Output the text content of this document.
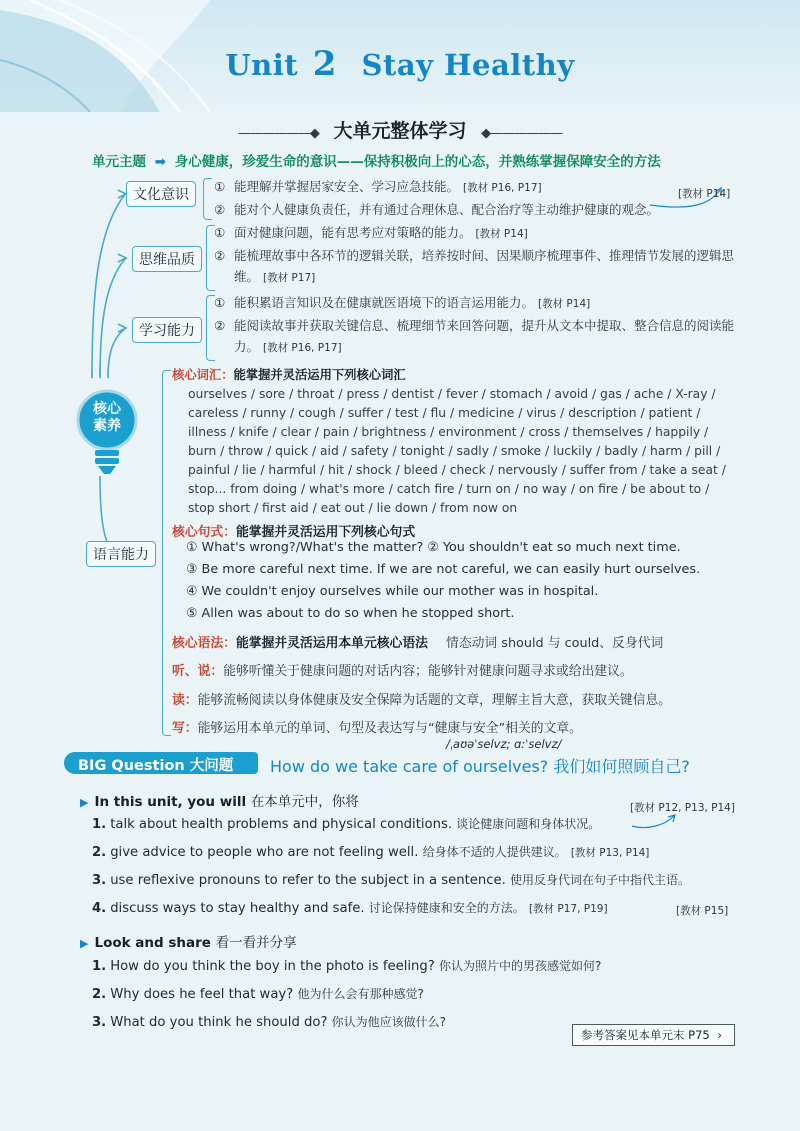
Unit 2 Stay Healthy
——————◆ 大单元整体学习 ◆——————
单元主题 ➡ 身心健康，珍爱生命的意识——保持积极向上的心态，并熟练掌握保障安全的方法
核心
素养
文化意识
① 能理解并掌握居家安全、学习应急技能。 [教材 P16, P17]
② 能对个人健康负责任，并有通过合理休息、配合治疗等主动维护健康的观念。
[教材 P14]
思维品质
① 面对健康问题，能有思考应对策略的能力。 [教材 P14]
② 能梳理故事中各环节的逻辑关联，培养按时间、因果顺序梳理事件、推理情节发展的逻辑思维。 [教材 P17]
学习能力
① 能积累语言知识及在健康就医语境下的语言运用能力。 [教材 P14]
② 能阅读故事并获取关键信息、梳理细节来回答问题，提升从文本中提取、整合信息的阅读能力。 [教材 P16, P17]
语言能力
核心词汇：能掌握并灵活运用下列核心词汇
ourselves / sore / throat / press / dentist / fever / stomach / avoid / gas / ache / X-ray / careless / runny / cough / suffer / test / flu / medicine / virus / description / patient / illness / knife / clear / pain / brightness / environment / cross / themselves / happily / burn / throw / quick / aid / safety / tonight / sadly / smoke / luckily / badly / harm / pill / painful / lie / harmful / hit / shock / bleed / check / nervously / suffer from / take a seat / stop... from doing / what's more / catch fire / turn on / no way / on fire / be about to / stop short / first aid / eat out / lie down / from now on
核心句式：能掌握并灵活运用下列核心句式
① What's wrong?/What's the matter? ② You shouldn't eat so much next time.
③ Be more careful next time. If we are not careful, we can easily hurt ourselves.
④ We couldn't enjoy ourselves while our mother was in hospital.
⑤ Allen was about to do so when he stopped short.
核心语法：能掌握并灵活运用本单元核心语法 情态动词 should 与 could、反身代词
听、说：能够听懂关于健康问题的对话内容；能够针对健康问题寻求或给出建议。
读：能够流畅阅读以身体健康及安全保障为话题的文章，理解主旨大意，获取关键信息。
写：能够运用本单元的单词、句型及表达写与“健康与安全”相关的文章。
/ˌaʊəˈselvz; ɑːˈselvz/
BIG Question 大问题 How do we take care of ourselves? 我们如何照顾自己?
▶ In this unit, you will 在本单元中，你将	[教材 P12, P13, P14]
1. talk about health problems and physical conditions. 谈论健康问题和身体状况。
2. give advice to people who are not feeling well. 给身体不适的人提供建议。 [教材 P13, P14]
3. use reflexive pronouns to refer to the subject in a sentence. 使用反身代词在句子中指代主语。
4. discuss ways to stay healthy and safe. 讨论保持健康和安全的方法。 [教材 P17, P19]	[教材 P15]
▶ Look and share 看一看并分享
1. How do you think the boy in the photo is feeling? 你认为照片中的男孩感觉如何?
2. Why does he feel that way? 他为什么会有那种感觉?
3. What do you think he should do? 你认为他应该做什么?
参考答案见本单元末 P75 ›
